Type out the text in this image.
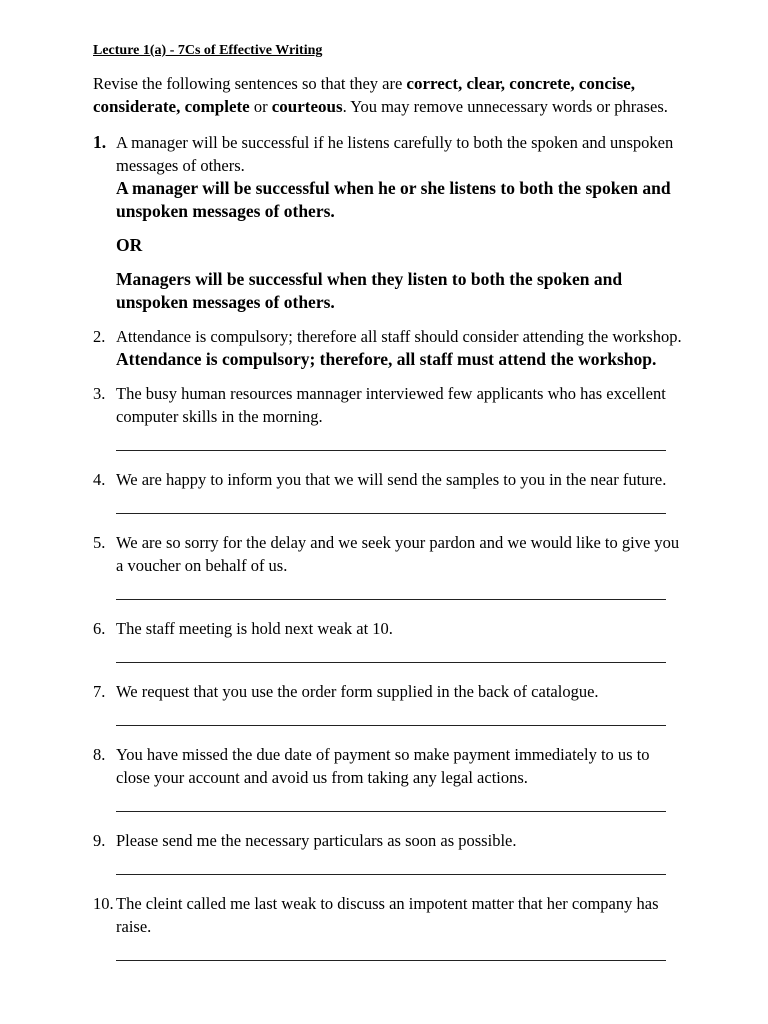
Lecture 1(a) - 7Cs of Effective Writing

Revise the following sentences so that they are correct, clear, concrete, concise, considerate, complete or courteous. You may remove unnecessary words or phrases.

1. A manager will be successful if he listens carefully to both the spoken and unspoken messages of others.
A manager will be successful when he or she listens to both the spoken and unspoken messages of others.
OR
Managers will be successful when they listen to both the spoken and unspoken messages of others.
2. Attendance is compulsory; therefore all staff should consider attending the workshop.
Attendance is compulsory; therefore, all staff must attend the workshop.
3. The busy human resources mannager interviewed few applicants who has excellent computer skills in the morning.
4. We are happy to inform you that we will send the samples to you in the near future.
5. We are so sorry for the delay and we seek your pardon and we would like to give you a voucher on behalf of us.
6. The staff meeting is hold next weak at 10.
7. We request that you use the order form supplied in the back of catalogue.
8. You have missed the due date of payment so make payment immediately to us to close your account and avoid us from taking any legal actions.
9. Please send me the necessary particulars as soon as possible.
10. The cleint called me last weak to discuss an impotent matter that her company has raise.
